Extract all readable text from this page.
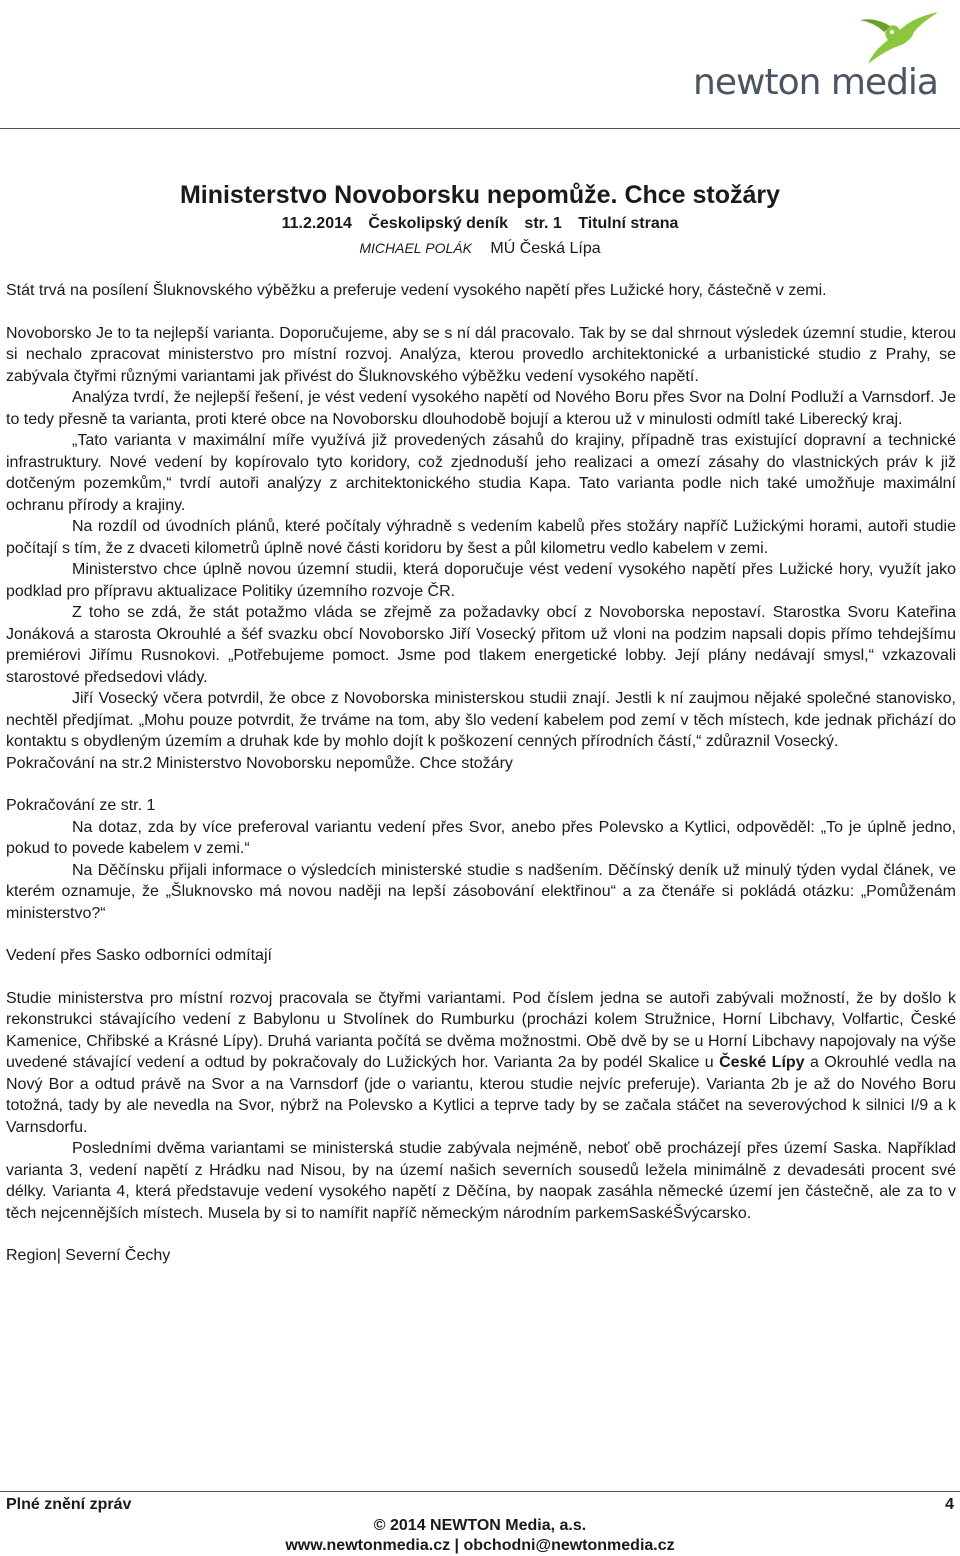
newton media
Ministerstvo Novoborsku nepomůže. Chce stožáry
11.2.2014 Českolipský deník str. 1 Titulní strana
MICHAEL POLÁK MÚ Česká Lípa

Stát trvá na posílení Šluknovského výběžku a preferuje vedení vysokého napětí přes Lužické hory, částečně v zemi.

Novoborsko Je to ta nejlepší varianta. Doporučujeme, aby se s ní dál pracovalo. Tak by se dal shrnout výsledek územní studie, kterou si nechalo zpracovat ministerstvo pro místní rozvoj. Analýza, kterou provedlo architektonické a urbanistické studio z Prahy, se zabývala čtyřmi různými variantami jak přivést do Šluknovského výběžku vedení vysokého napětí.

Analýza tvrdí, že nejlepší řešení, je vést vedení vysokého napětí od Nového Boru přes Svor na Dolní Podluží a Varnsdorf. Je to tedy přesně ta varianta, proti které obce na Novoborsku dlouhodobě bojují a kterou už v minulosti odmítl také Liberecký kraj.

„Tato varianta v maximální míře využívá již provedených zásahů do krajiny, případně tras existující dopravní a technické infrastruktury. Nové vedení by kopírovalo tyto koridory, což zjednoduší jeho realizaci a omezí zásahy do vlastnických práv k již dotčeným pozemkům,“ tvrdí autoři analýzy z architektonického studia Kapa. Tato varianta podle nich také umožňuje maximální ochranu přírody a krajiny.

Na rozdíl od úvodních plánů, které počítaly výhradně s vedením kabelů přes stožáry napříč Lužickými horami, autoři studie počítají s tím, že z dvaceti kilometrů úplně nové části koridoru by šest a půl kilometru vedlo kabelem v zemi.

Ministerstvo chce úplně novou územní studii, která doporučuje vést vedení vysokého napětí přes Lužické hory, využít jako podklad pro přípravu aktualizace Politiky územního rozvoje ČR.

Z toho se zdá, že stát potažmo vláda se zřejmě za požadavky obcí z Novoborska nepostaví. Starostka Svoru Kateřina Jonáková a starosta Okrouhlé a šéf svazku obcí Novoborsko Jiří Vosecký přitom už vloni na podzim napsali dopis přímo tehdejšímu premiérovi Jiřímu Rusnokovi. „Potřebujeme pomoct. Jsme pod tlakem energetické lobby. Její plány nedávají smysl,“ vzkazovali starostové předsedovi vlády.

Jiří Vosecký včera potvrdil, že obce z Novoborska ministerskou studii znají. Jestli k ní zaujmou nějaké společné stanovisko, nechtěl předjímat. „Mohu pouze potvrdit, že trváme na tom, aby šlo vedení kabelem pod zemí v těch místech, kde jednak přichází do kontaktu s obydleným územím a druhak kde by mohlo dojít k poškození cenných přírodních částí,“ zdůraznil Vosecký.

Pokračování na str.2 Ministerstvo Novoborsku nepomůže. Chce stožáry

Pokračování ze str. 1

Na dotaz, zda by více preferoval variantu vedení přes Svor, anebo přes Polevsko a Kytlici, odpověděl: „To je úplně jedno, pokud to povede kabelem v zemi.“

Na Děčínsku přijali informace o výsledcích ministerské studie s nadšením. Děčínský deník už minulý týden vydal článek, ve kterém oznamuje, že „Šluknovsko má novou naději na lepší zásobování elektřinou“ a za čtenáře si pokládá otázku: „Pomůženám ministerstvo?“

Vedení přes Sasko odborníci odmítají

Studie ministerstva pro místní rozvoj pracovala se čtyřmi variantami. Pod číslem jedna se autoři zabývali možností, že by došlo k rekonstrukci stávajícího vedení z Babylonu u Stvolínek do Rumburku (procházi kolem Stružnice, Horní Libchavy, Volfartic, České Kamenice, Chřibské a Krásné Lípy). Druhá varianta počítá se dvěma možnostmi. Obě dvě by se u Horní Libchavy napojovaly na výše uvedené stávající vedení a odtud by pokračovaly do Lužických hor. Varianta 2a by podél Skalice u České Lípy a Okrouhlé vedla na Nový Bor a odtud právě na Svor a na Varnsdorf (jde o variantu, kterou studie nejvíc preferuje). Varianta 2b je až do Nového Boru totožná, tady by ale nevedla na Svor, nýbrž na Polevsko a Kytlici a teprve tady by se začala stáčet na severovýchod k silnici I/9 a k Varnsdorfu.

Posledními dvěma variantami se ministerská studie zabývala nejméně, neboť obě procházejí přes území Saska. Například varianta 3, vedení napětí z Hrádku nad Nisou, by na území našich severních sousedů ležela minimálně z devadesáti procent své délky. Varianta 4, která představuje vedení vysokého napětí z Děčína, by naopak zasáhla německé území jen částečně, ale za to v těch nejcennějších místech. Musela by si to namířit napříč německým národním parkemSaskéŠvýcarsko.

Region| Severní Čechy

Plné znění zpráv	4
© 2014 NEWTON Media, a.s.
www.newtonmedia.cz | obchodni@newtonmedia.cz
